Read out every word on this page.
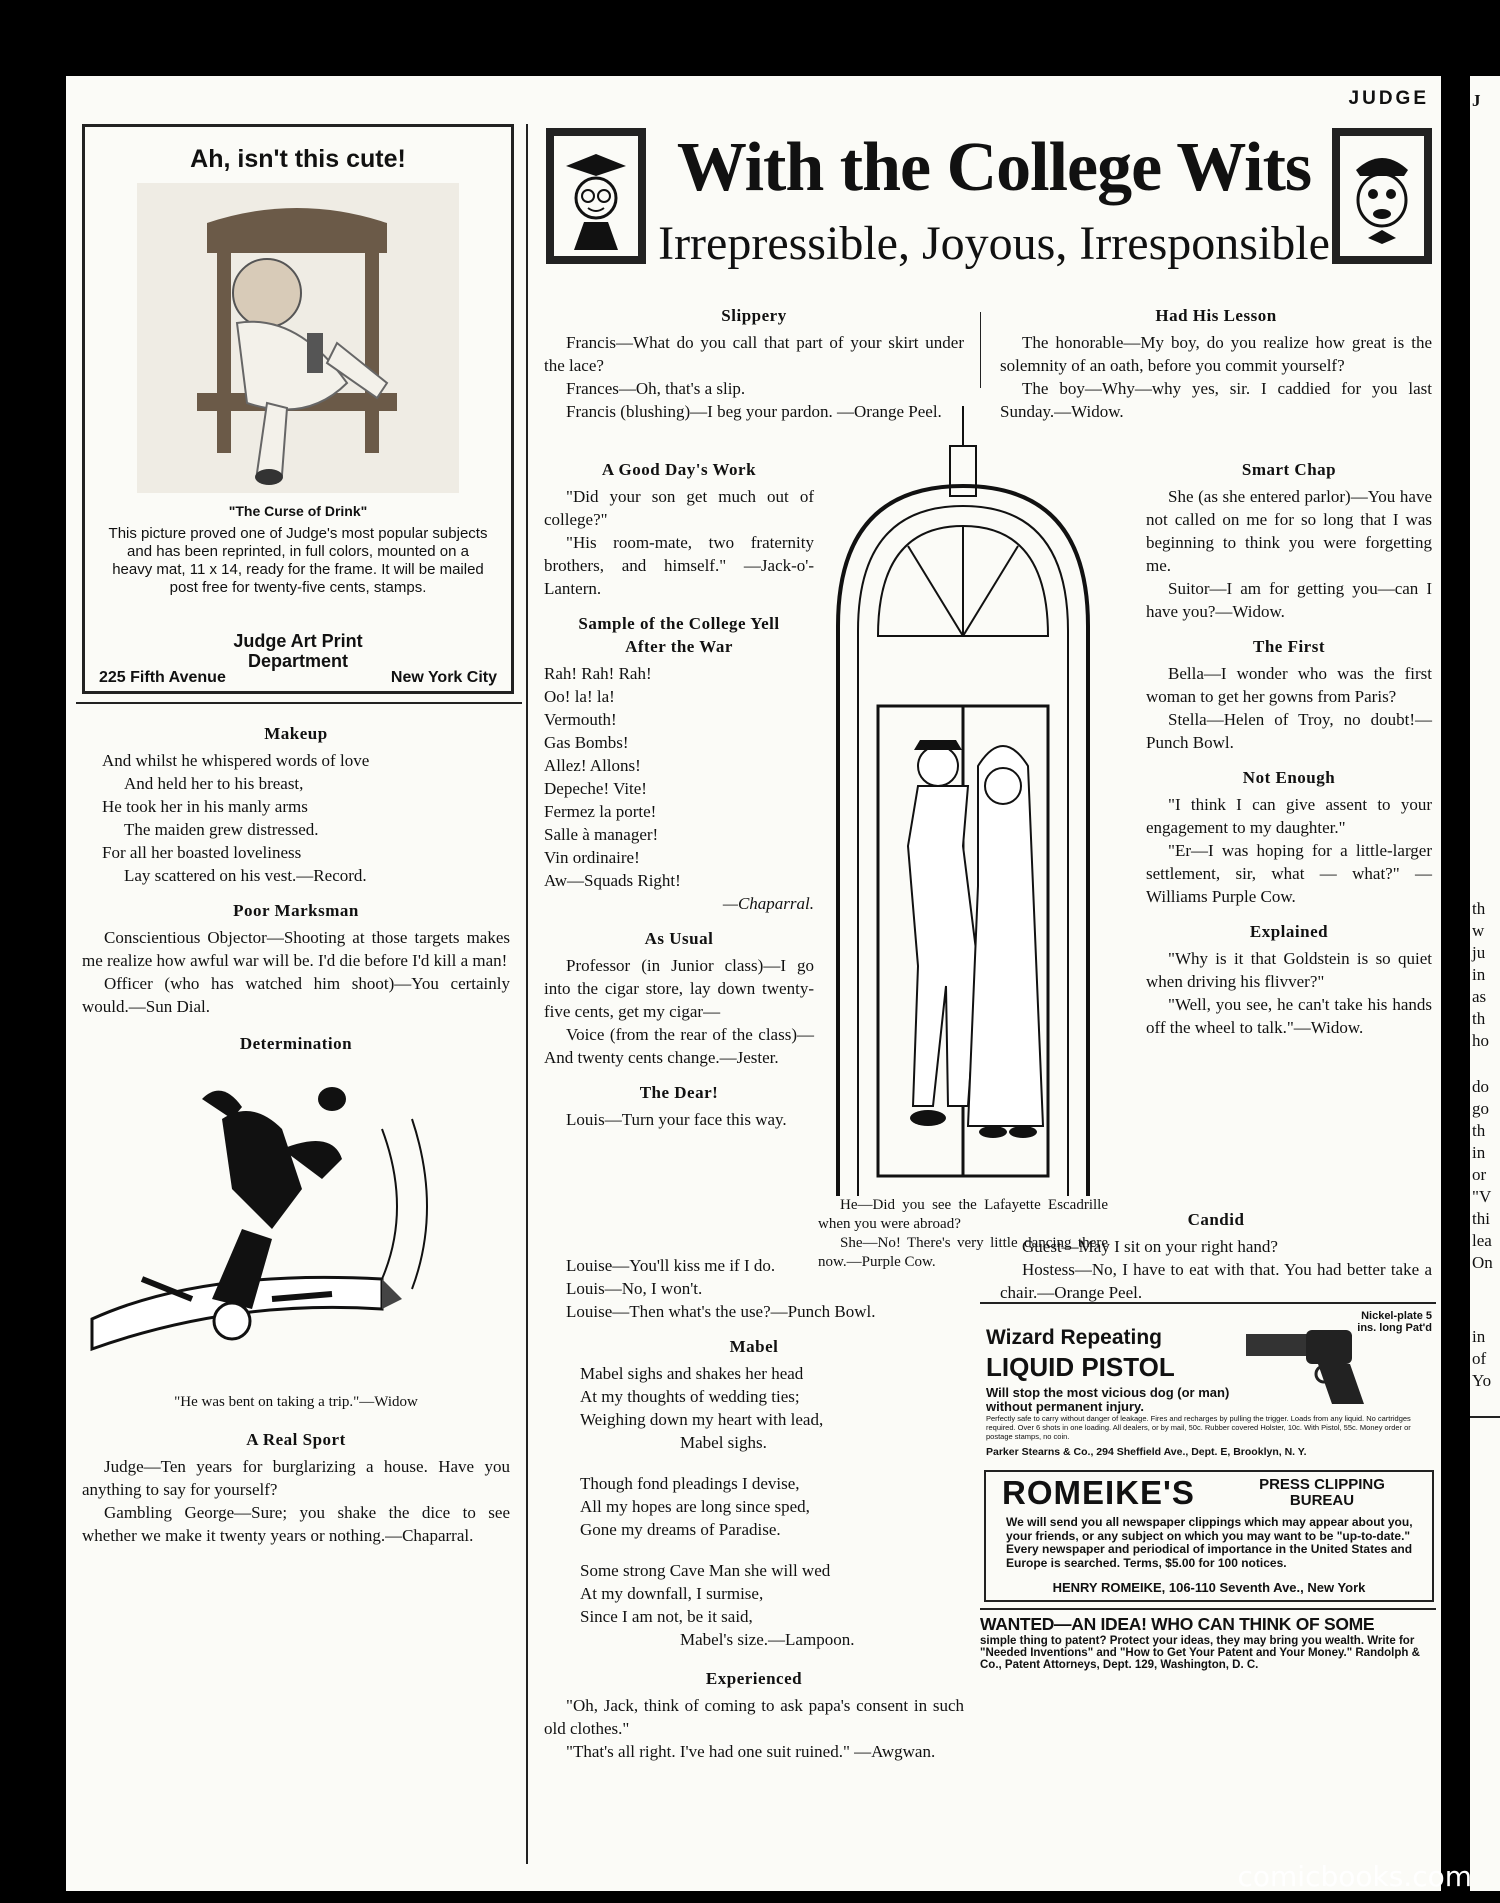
JUDGE
With the College Wits
Irrepressible, Joyous, Irresponsible
Ah, isn't this cute!
"The Curse of Drink"
This picture proved one of Judge's most popular subjects and has been reprinted, in full colors, mounted on a heavy mat, 11 x 14, ready for the frame. It will be mailed post free for twenty-five cents, stamps.
Judge Art Print
Department
225 Fifth Avenue	New York City
Makeup

And whilst he whispered words of love

And held her to his breast,

He took her in his manly arms

The maiden grew distressed.

For all her boasted loveliness

Lay scattered on his vest.—Record.

Poor Marksman

Conscientious Objector—Shooting at those targets makes me realize how awful war will be. I'd die before I'd kill a man!

Officer (who has watched him shoot)—You certainly would.—Sun Dial.

Determination
"He was bent on taking a trip."—Widow
A Real Sport

Judge—Ten years for burglarizing a house. Have you anything to say for yourself?

Gambling George—Sure; you shake the dice to see whether we make it twenty years or nothing.—Chaparral.

Slippery

Francis—What do you call that part of your skirt under the lace?

Frances—Oh, that's a slip.

Francis (blushing)—I beg your pardon. —Orange Peel.

A Good Day's Work

"Did your son get much out of college?"

"His room-mate, two fraternity brothers, and himself." —Jack-o'-Lantern.

Sample of the College Yell
After the War

Rah! Rah! Rah!

Oo! la! la!

Vermouth!

Gas Bombs!

Allez! Allons!

Depeche! Vite!

Fermez la porte!

Salle à manager!

Vin ordinaire!

Aw—Squads Right!

—Chaparral.

As Usual

Professor (in Junior class)—I go into the cigar store, lay down twenty-five cents, get my cigar—

Voice (from the rear of the class)—And twenty cents change.—Jester.

The Dear!

Louis—Turn your face this way.

He—Did you see the Lafayette Escadrille when you were abroad?

She—No! There's very little dancing there now.—Purple Cow.

Louise—You'll kiss me if I do.

Louis—No, I won't.

Louise—Then what's the use?—Punch Bowl.

Mabel

Mabel sighs and shakes her head

At my thoughts of wedding ties;

Weighing down my heart with lead,

Mabel sighs.

Though fond pleadings I devise,

All my hopes are long since sped,

Gone my dreams of Paradise.

Some strong Cave Man she will wed

At my downfall, I surmise,

Since I am not, be it said,

Mabel's size.—Lampoon.

Experienced

"Oh, Jack, think of coming to ask papa's consent in such old clothes."

"That's all right. I've had one suit ruined." —Awgwan.

Had His Lesson

The honorable—My boy, do you realize how great is the solemnity of an oath, before you commit yourself?

The boy—Why—why yes, sir. I caddied for you last Sunday.—Widow.

Smart Chap

She (as she entered parlor)—You have not called on me for so long that I was beginning to think you were forgetting me.

Suitor—I am for getting you—can I have you?—Widow.

The First

Bella—I wonder who was the first woman to get her gowns from Paris?

Stella—Helen of Troy, no doubt!—Punch Bowl.

Not Enough

"I think I can give assent to your engagement to my daughter."

"Er—I was hoping for a little-larger settlement, sir, what — what?" — Williams Purple Cow.

Explained

"Why is it that Goldstein is so quiet when driving his flivver?"

"Well, you see, he can't take his hands off the wheel to talk."—Widow.

Candid

Guest—May I sit on your right hand?

Hostess—No, I have to eat with that. You had better take a chair.—Orange Peel.

Wizard Repeating
LIQUID PISTOL
Nickel-plate 5 ins. long Pat'd
Will stop the most vicious dog (or man) without permanent injury.
Perfectly safe to carry without danger of leakage. Fires and recharges by pulling the trigger. Loads from any liquid. No cartridges required. Over 6 shots in one loading. All dealers, or by mail, 50c. Rubber covered Holster, 10c. With Pistol, 55c. Money order or postage stamps, no coin.
Parker Stearns & Co., 294 Sheffield Ave., Dept. E, Brooklyn, N. Y.
ROMEIKE'S	PRESS CLIPPING
BUREAU
We will send you all newspaper clippings which may appear about you, your friends, or any subject on which you may want to be "up-to-date." Every newspaper and periodical of importance in the United States and Europe is searched. Terms, $5.00 for 100 notices.
HENRY ROMEIKE, 106-110 Seventh Ave., New York
WANTED—AN IDEA! WHO CAN THINK OF SOME
simple thing to patent? Protect your ideas, they may bring you wealth. Write for "Needed Inventions" and "How to Get Your Patent and Your Money." Randolph & Co., Patent Attorneys, Dept. 129, Washington, D. C.
J
th
w
ju
in
as
th
ho
do
go
th
in
or
"V
thi
lea
On
in
of
Yo
comicbooks.com
